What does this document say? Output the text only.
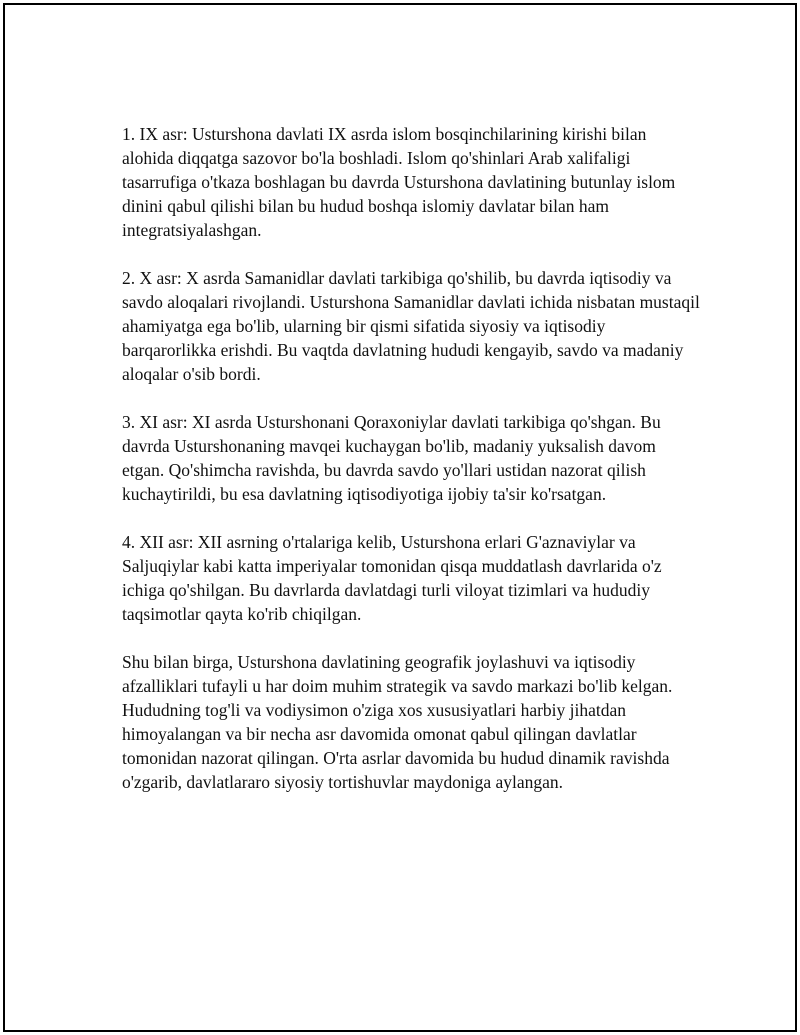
1. IX asr: Usturshona davlati IX asrda islom bosqinchilarining kirishi bilan alohida diqqatga sazovor bo'la boshladi. Islom qo'shinlari Arab xalifaligi tasarrufiga o'tkaza boshlagan bu davrda Usturshona davlatining butunlay islom dinini qabul qilishi bilan bu hudud boshqa islomiy davlatar bilan ham integratsiyalashgan.

2. X asr: X asrda Samanidlar davlati tarkibiga qo'shilib, bu davrda iqtisodiy va savdo aloqalari rivojlandi. Usturshona Samanidlar davlati ichida nisbatan mustaqil ahamiyatga ega bo'lib, ularning bir qismi sifatida siyosiy va iqtisodiy barqarorlikka erishdi. Bu vaqtda davlatning hududi kengayib, savdo va madaniy aloqalar o'sib bordi.

3. XI asr: XI asrda Usturshonani Qoraxoniylar davlati tarkibiga qo'shgan. Bu davrda Usturshonaning mavqei kuchaygan bo'lib, madaniy yuksalish davom etgan. Qo'shimcha ravishda, bu davrda savdo yo'llari ustidan nazorat qilish kuchaytirildi, bu esa davlatning iqtisodiyotiga ijobiy ta'sir ko'rsatgan.

4. XII asr: XII asrning o'rtalariga kelib, Usturshona erlari G'aznaviylar va Saljuqiylar kabi katta imperiyalar tomonidan qisqa muddatlash davrlarida o'z ichiga qo'shilgan. Bu davrlarda davlatdagi turli viloyat tizimlari va hududiy taqsimotlar qayta ko'rib chiqilgan.

Shu bilan birga, Usturshona davlatining geografik joylashuvi va iqtisodiy afzalliklari tufayli u har doim muhim strategik va savdo markazi bo'lib kelgan. Hududning tog'li va vodiysimon o'ziga xos xususiyatlari harbiy jihatdan himoyalangan va bir necha asr davomida omonat qabul qilingan davlatlar tomonidan nazorat qilingan. O'rta asrlar davomida bu hudud dinamik ravishda o'zgarib, davlatlararo siyosiy tortishuvlar maydoniga aylangan.
